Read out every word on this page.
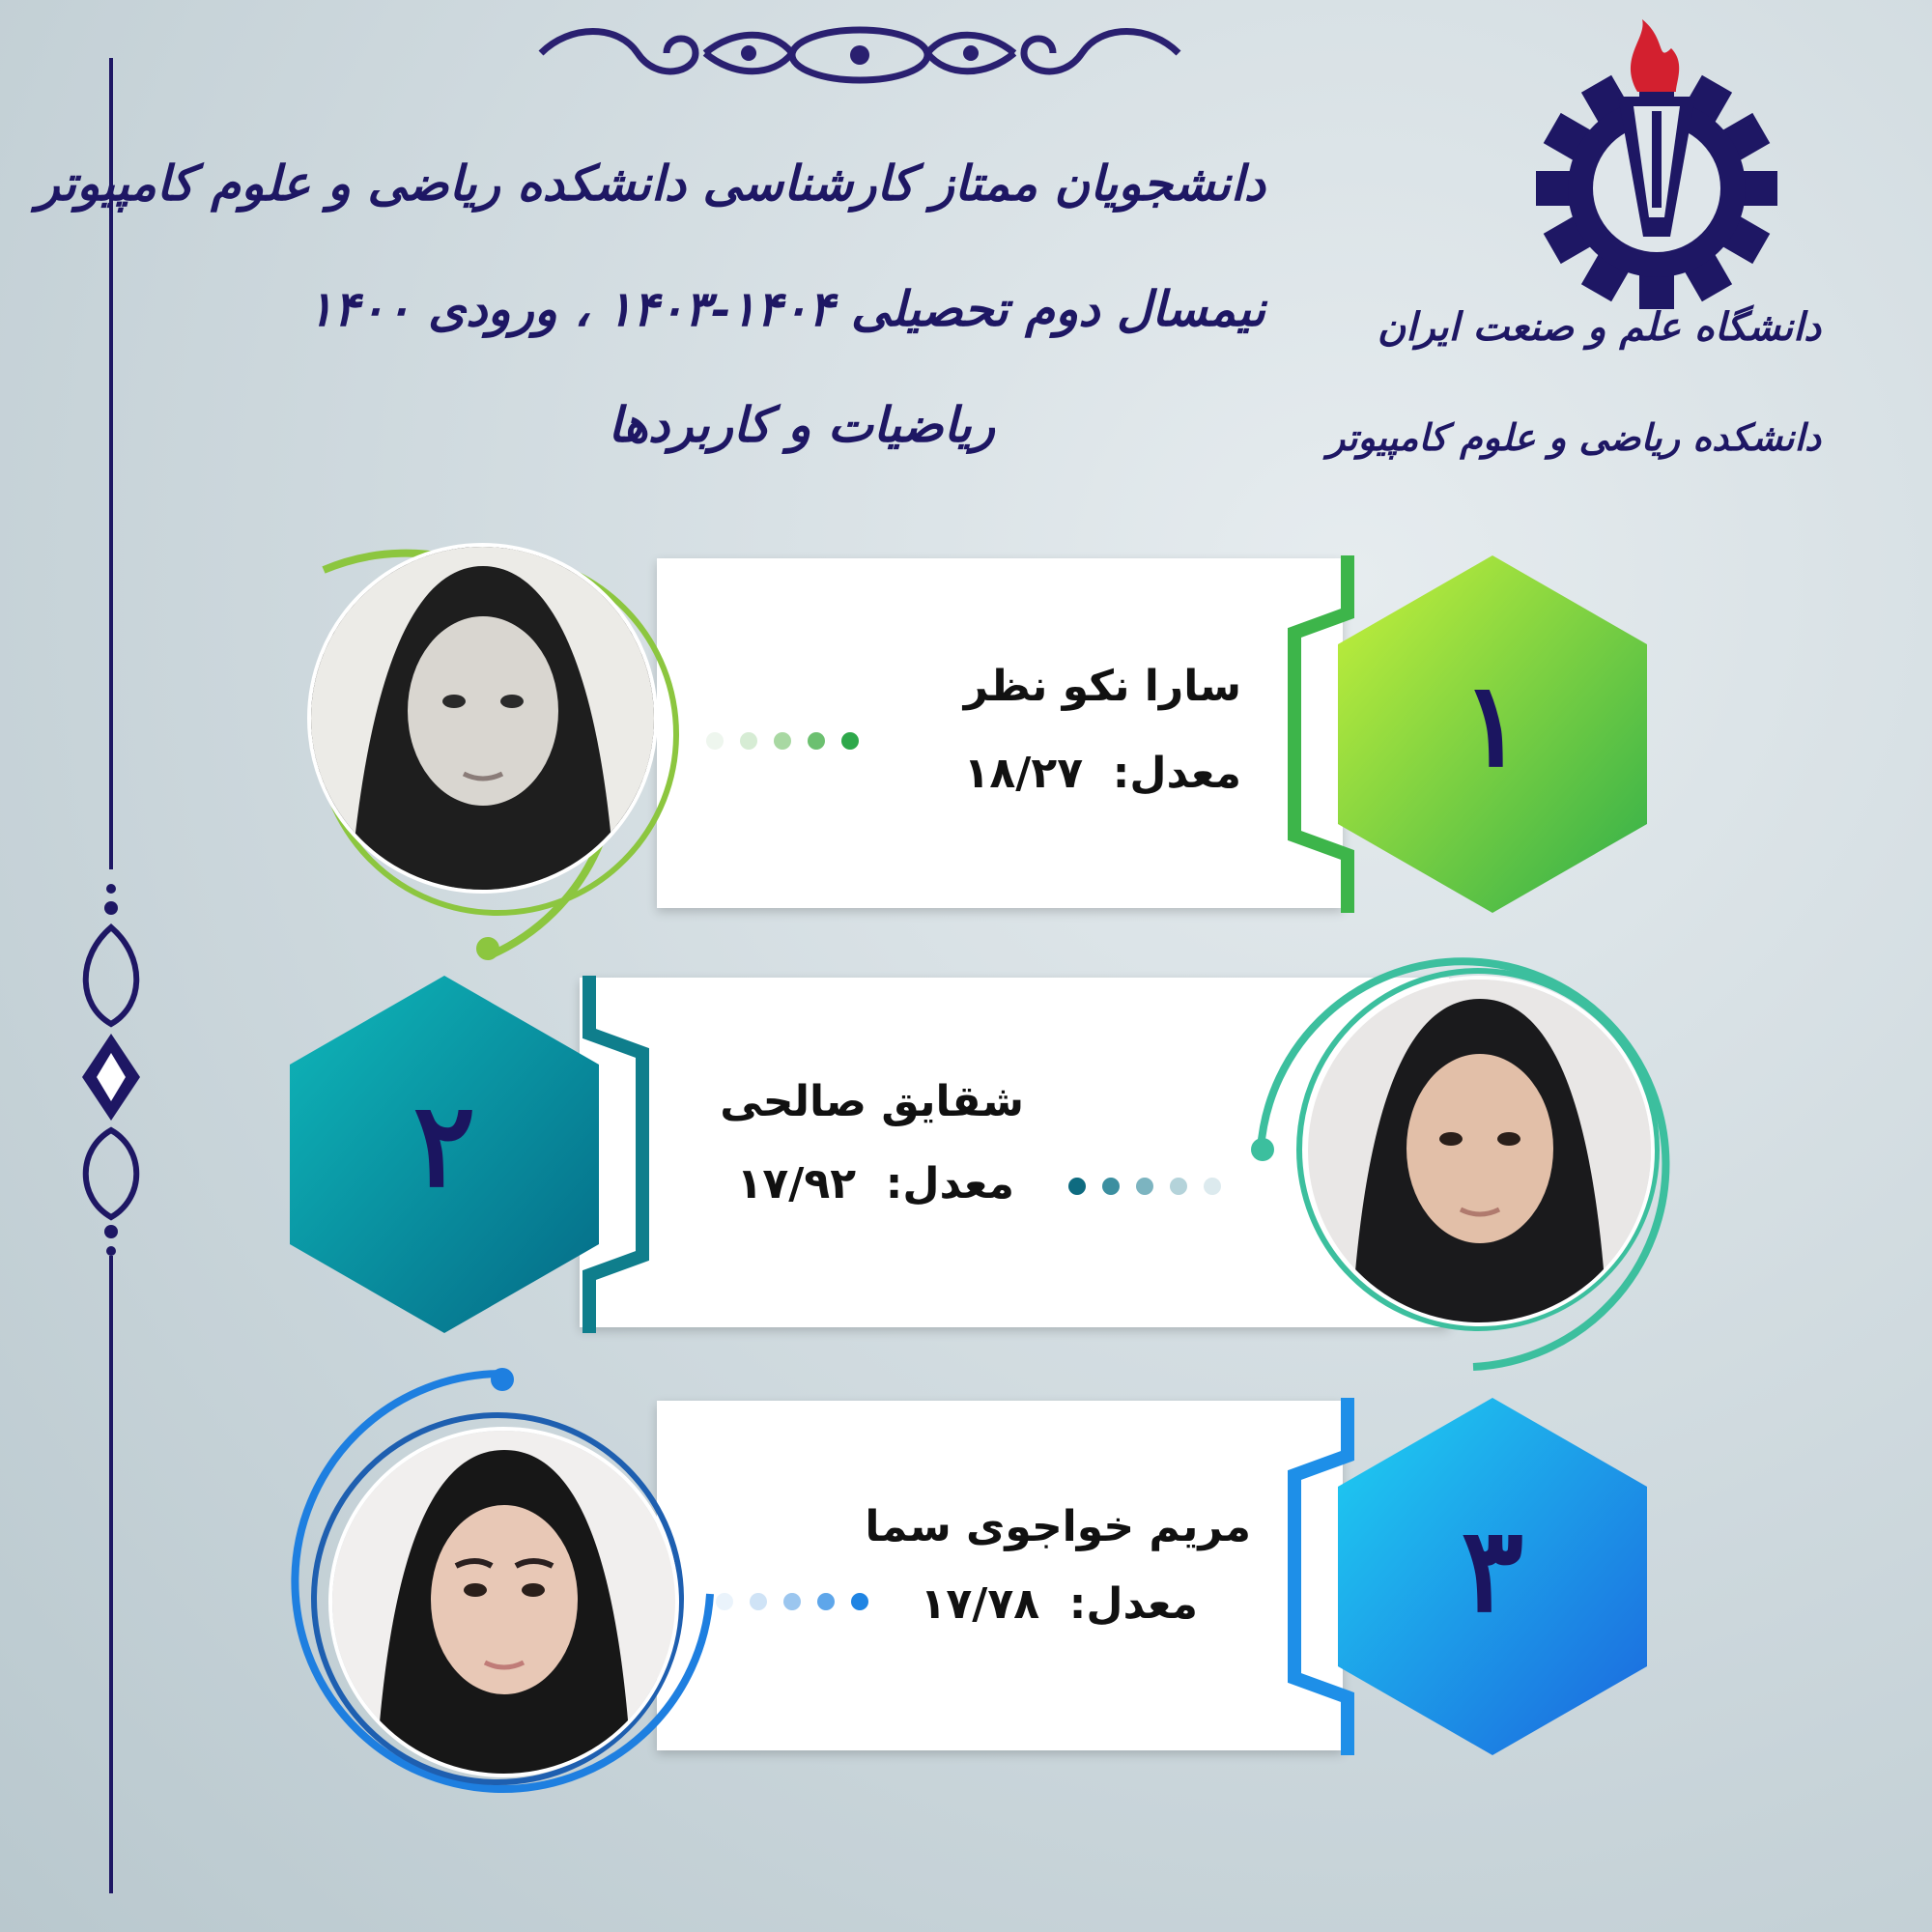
دانشجویان ممتاز کارشناسی دانشکده ریاضی و علوم کامپیوتر
نیمسال دوم تحصیلی ۱۴۰۴-۱۴۰۳ ، ورودی ۱۴۰۰
ریاضیات و کاربردها
دانشگاه علم و صنعت ایران
دانشکده ریاضی و علوم کامپیوتر
۱
سارا نکو نظر
معدل:  ۱۸/۲۷
۲	شقایق صالحی
معدل:  ۱۷/۹۲
۳
مریم خواجوی سما
معدل:  ۱۷/۷۸
